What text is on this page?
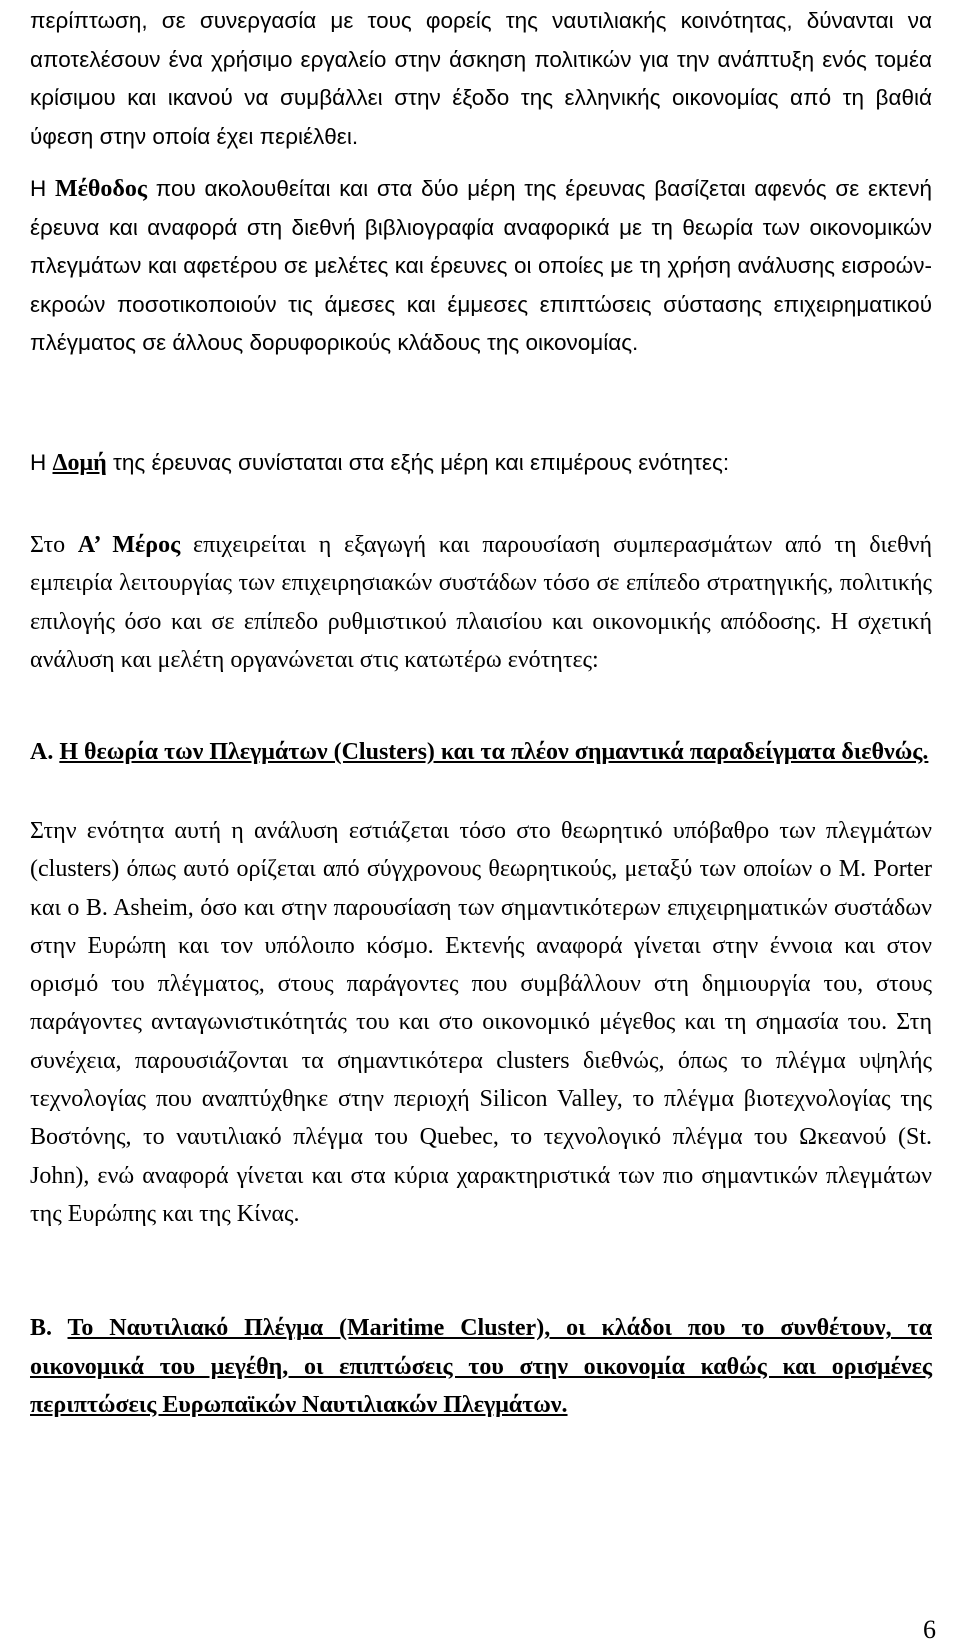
περίπτωση, σε συνεργασία με τους φορείς της ναυτιλιακής κοινότητας, δύνανται να αποτελέσουν ένα χρήσιμο εργαλείο στην άσκηση πολιτικών για την ανάπτυξη ενός τομέα κρίσιμου και ικανού να συμβάλλει στην έξοδο της ελληνικής οικονομίας από τη βαθιά ύφεση στην οποία έχει περιέλθει.
Η Μέθοδος που ακολουθείται και στα δύο μέρη της έρευνας βασίζεται αφενός σε εκτενή έρευνα και αναφορά στη διεθνή βιβλιογραφία αναφορικά με τη θεωρία των οικονομικών πλεγμάτων και αφετέρου σε μελέτες και έρευνες οι οποίες με τη χρήση ανάλυσης εισροών-εκροών ποσοτικοποιούν τις άμεσες και έμμεσες επιπτώσεις σύστασης επιχειρηματικού πλέγματος σε άλλους δορυφορικούς κλάδους της οικονομίας.
Η Δομή της έρευνας συνίσταται στα εξής μέρη και επιμέρους ενότητες:
Στο Α’ Μέρος επιχειρείται η εξαγωγή και παρουσίαση συμπερασμάτων από τη διεθνή εμπειρία λειτουργίας των επιχειρησιακών συστάδων τόσο σε επίπεδο στρατηγικής, πολιτικής επιλογής όσο και σε επίπεδο ρυθμιστικού πλαισίου και οικονομικής απόδοσης. Η σχετική ανάλυση και μελέτη οργανώνεται στις κατωτέρω ενότητες:
Α. Η θεωρία των Πλεγμάτων (Clusters) και τα πλέον σημαντικά παραδείγματα διεθνώς.
Στην ενότητα αυτή η ανάλυση εστιάζεται τόσο στο θεωρητικό υπόβαθρο των πλεγμάτων (clusters) όπως αυτό ορίζεται από σύγχρονους θεωρητικούς, μεταξύ των οποίων ο M. Porter και ο B. Asheim, όσο και στην παρουσίαση των σημαντικότερων επιχειρηματικών συστάδων στην Ευρώπη και τον υπόλοιπο κόσμο. Εκτενής αναφορά γίνεται στην έννοια και στον ορισμό του πλέγματος, στους παράγοντες που συμβάλλουν στη δημιουργία του, στους παράγοντες ανταγωνιστικότητάς του και στο οικονομικό μέγεθος και τη σημασία του. Στη συνέχεια, παρουσιάζονται τα σημαντικότερα clusters διεθνώς, όπως το πλέγμα υψηλής τεχνολογίας που αναπτύχθηκε στην περιοχή Silicon Valley, το πλέγμα βιοτεχνολογίας της Βοστόνης, το ναυτιλιακό πλέγμα του Quebec, το τεχνολογικό πλέγμα του Ωκεανού (St. John), ενώ αναφορά γίνεται και στα κύρια χαρακτηριστικά των πιο σημαντικών πλεγμάτων της Ευρώπης και της Κίνας.
Β. Το Ναυτιλιακό Πλέγμα (Maritime Cluster), οι κλάδοι που το συνθέτουν, τα οικονομικά του μεγέθη, οι επιπτώσεις του στην οικονομία καθώς και ορισμένες περιπτώσεις Ευρωπαϊκών Ναυτιλιακών Πλεγμάτων.
6
